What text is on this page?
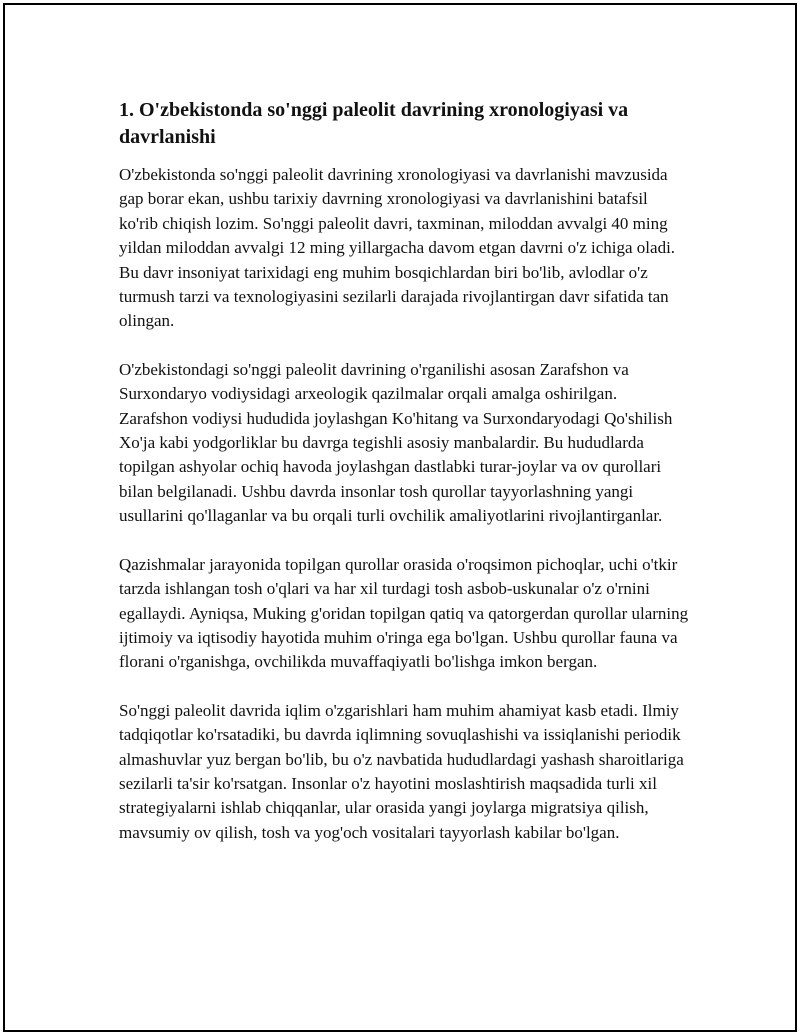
1. O'zbekistonda so'nggi paleolit davrining xronologiyasi va davrlanishi

O'zbekistonda so'nggi paleolit davrining xronologiyasi va davrlanishi mavzusida gap borar ekan, ushbu tarixiy davrning xronologiyasi va davrlanishini batafsil ko'rib chiqish lozim. So'nggi paleolit davri, taxminan, miloddan avvalgi 40 ming yildan miloddan avvalgi 12 ming yillargacha davom etgan davrni o'z ichiga oladi. Bu davr insoniyat tarixidagi eng muhim bosqichlardan biri bo'lib, avlodlar o'z turmush tarzi va texnologiyasini sezilarli darajada rivojlantirgan davr sifatida tan olingan.

O'zbekistondagi so'nggi paleolit davrining o'rganilishi asosan Zarafshon va Surxondaryo vodiysidagi arxeologik qazilmalar orqali amalga oshirilgan. Zarafshon vodiysi hududida joylashgan Ko'hitang va Surxondaryodagi Qo'shilish Xo'ja kabi yodgorliklar bu davrga tegishli asosiy manbalardir. Bu hududlarda topilgan ashyolar ochiq havoda joylashgan dastlabki turar-joylar va ov qurollari bilan belgilanadi. Ushbu davrda insonlar tosh qurollar tayyorlashning yangi usullarini qo'llaganlar va bu orqali turli ovchilik amaliyotlarini rivojlantirganlar.

Qazishmalar jarayonida topilgan qurollar orasida o'roqsimon pichoqlar, uchi o'tkir tarzda ishlangan tosh o'qlari va har xil turdagi tosh asbob-uskunalar o'z o'rnini egallaydi. Ayniqsa, Muking g'oridan topilgan qatiq va qatorgerdan qurollar ularning ijtimoiy va iqtisodiy hayotida muhim o'ringa ega bo'lgan. Ushbu qurollar fauna va florani o'rganishga, ovchilikda muvaffaqiyatli bo'lishga imkon bergan.

So'nggi paleolit davrida iqlim o'zgarishlari ham muhim ahamiyat kasb etadi. Ilmiy tadqiqotlar ko'rsatadiki, bu davrda iqlimning sovuqlashishi va issiqlanishi periodik almashuvlar yuz bergan bo'lib, bu o'z navbatida hududlardagi yashash sharoitlariga sezilarli ta'sir ko'rsatgan. Insonlar o'z hayotini moslashtirish maqsadida turli xil strategiyalarni ishlab chiqqanlar, ular orasida yangi joylarga migratsiya qilish, mavsumiy ov qilish, tosh va yog'och vositalari tayyorlash kabilar bo'lgan.
